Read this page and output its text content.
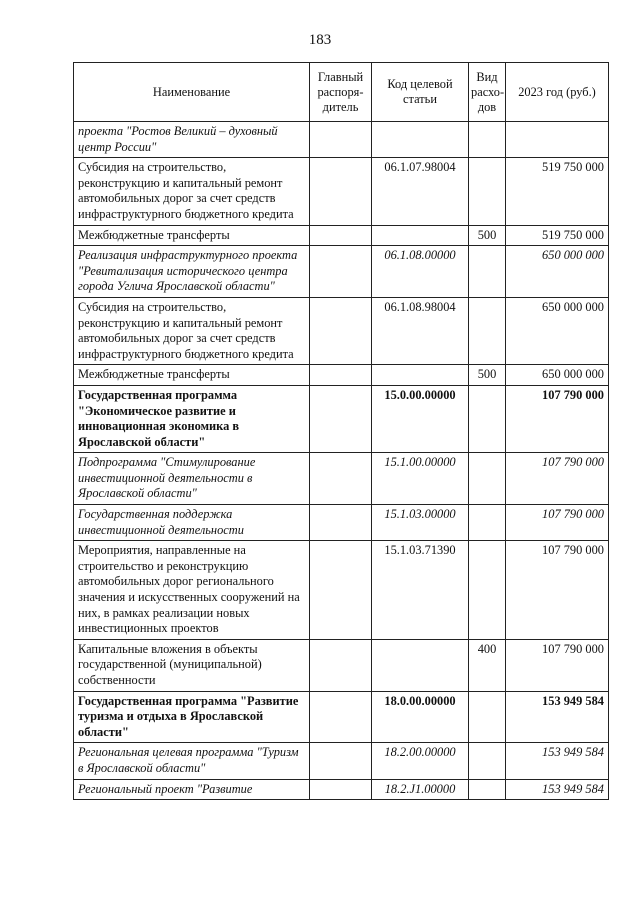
183
Наименование	Главный распоря-дитель	Код целевой статьи	Вид расхо-дов	2023 год (руб.)
проекта "Ростов Великий – духовный центр России"				
Субсидия на строительство, реконструкцию и капитальный ремонт автомобильных дорог за счет средств инфраструктурного бюджетного кредита		06.1.07.98004		519 750 000
Межбюджетные трансферты			500	519 750 000
Реализация инфраструктурного проекта "Ревитализация исторического центра города Углича Ярославской области"		06.1.08.00000		650 000 000
Субсидия на строительство, реконструкцию и капитальный ремонт автомобильных дорог за счет средств инфраструктурного бюджетного кредита		06.1.08.98004		650 000 000
Межбюджетные трансферты			500	650 000 000
Государственная программа "Экономическое развитие и инновационная экономика в Ярославской области"		15.0.00.00000		107 790 000
Подпрограмма "Стимулирование инвестиционной деятельности в Ярославской области"		15.1.00.00000		107 790 000
Государственная поддержка инвестиционной деятельности		15.1.03.00000		107 790 000
Мероприятия, направленные на строительство и реконструкцию автомобильных дорог регионального значения и искусственных сооружений на них, в рамках реализации новых инвестиционных проектов		15.1.03.71390		107 790 000
Капитальные вложения в объекты государственной (муниципальной) собственности			400	107 790 000
Государственная программа "Развитие туризма и отдыха в Ярославской области"		18.0.00.00000		153 949 584
Региональная целевая программа "Туризм в Ярославской области"		18.2.00.00000		153 949 584
Региональный проект "Развитие		18.2.J1.00000		153 949 584
